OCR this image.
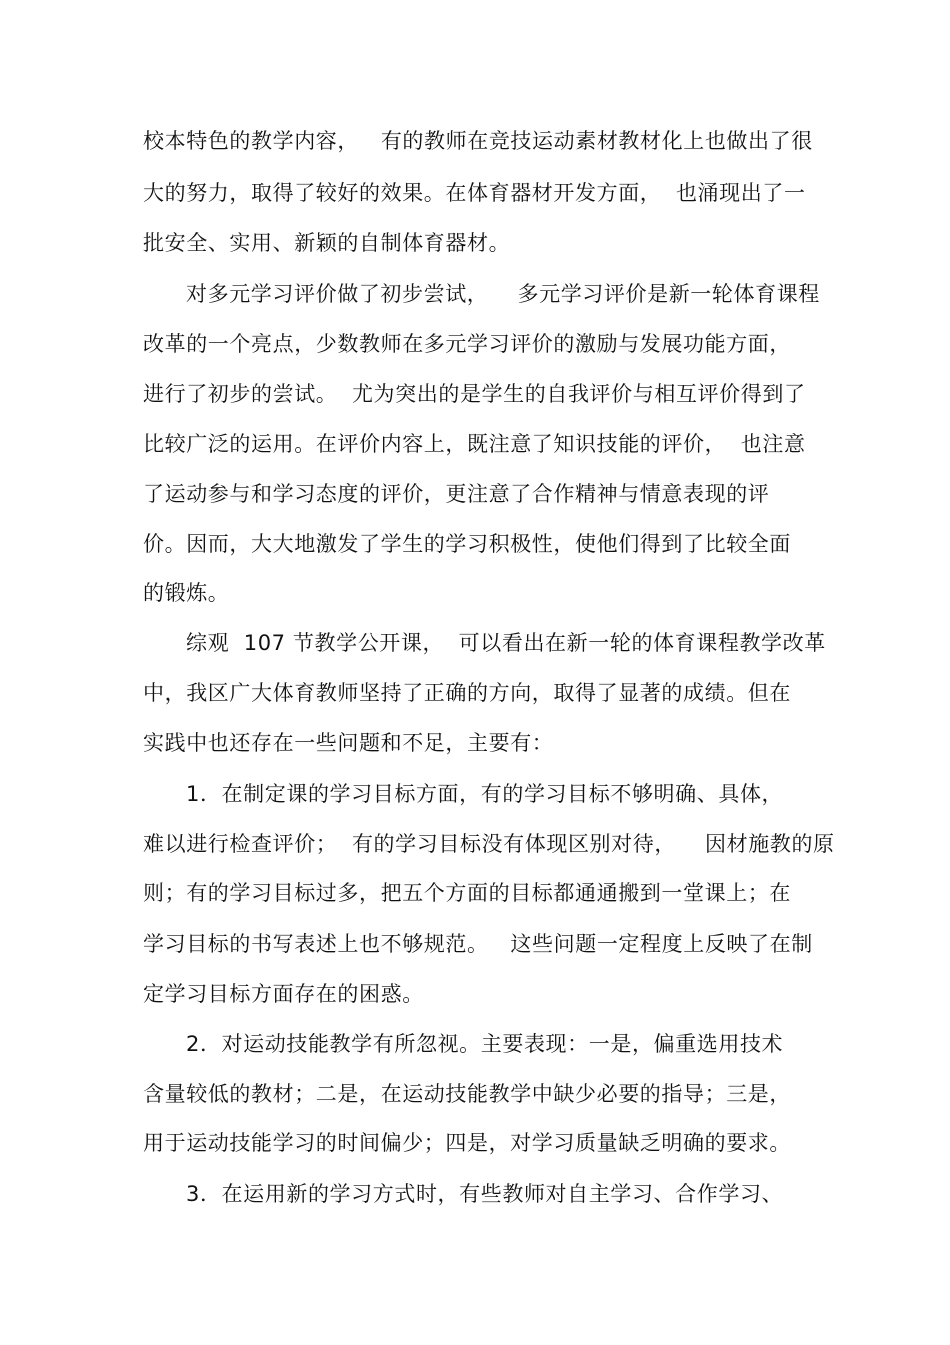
校本特色的教学内容，   有的教师在竞技运动素材教材化上也做出了很
大的努力，取得了较好的效果。在体育器材开发方面，  也涌现出了一
批安全、实用、新颖的自制体育器材。
对多元学习评价做了初步尝试，    多元学习评价是新一轮体育课程
改革的一个亮点，少数教师在多元学习评价的激励与发展功能方面，
进行了初步的尝试。  尤为突出的是学生的自我评价与相互评价得到了
比较广泛的运用。在评价内容上，既注意了知识技能的评价，  也注意
了运动参与和学习态度的评价，更注意了合作精神与情意表现的评
价。因而，大大地激发了学生的学习积极性，使他们得到了比较全面
的锻炼。
综观  107 节教学公开课，  可以看出在新一轮的体育课程教学改革
中，我区广大体育教师坚持了正确的方向，取得了显著的成绩。但在
实践中也还存在一些问题和不足，主要有：
1．在制定课的学习目标方面，有的学习目标不够明确、具体，
难以进行检查评价；  有的学习目标没有体现区别对待，    因材施教的原
则；有的学习目标过多，把五个方面的目标都通通搬到一堂课上；在
学习目标的书写表述上也不够规范。   这些问题一定程度上反映了在制
定学习目标方面存在的困惑。
2．对运动技能教学有所忽视。主要表现：一是，偏重选用技术
含量较低的教材；二是，在运动技能教学中缺少必要的指导；三是，
用于运动技能学习的时间偏少；四是，对学习质量缺乏明确的要求。
3．在运用新的学习方式时，有些教师对自主学习、合作学习、
